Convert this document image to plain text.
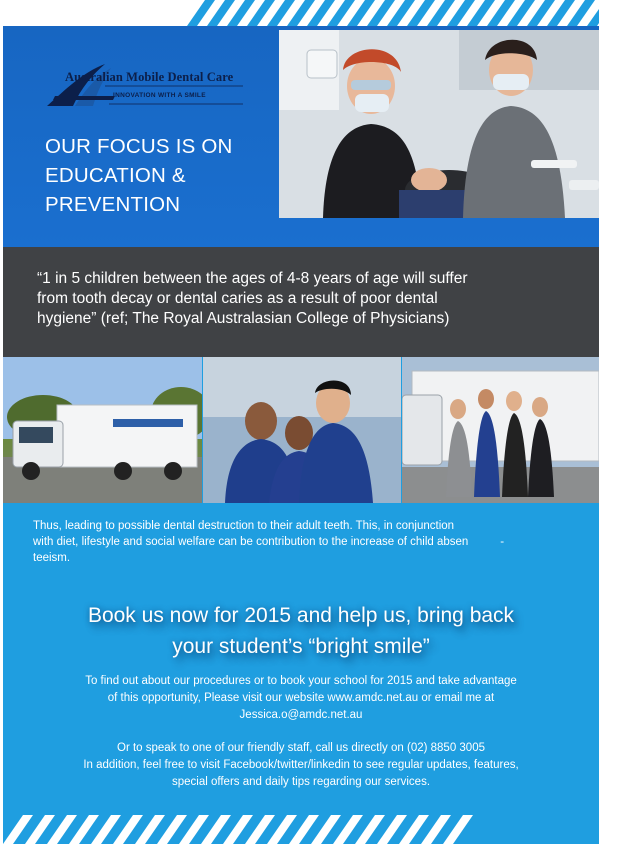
Australian Mobile Dental Care
INNOVATION WITH A SMILE
OUR FOCUS IS ON
EDUCATION &
PREVENTION
“1 in 5 children between the ages of 4-8 years of age will suffer
from tooth decay or dental caries as a result of poor dental
hygiene” (ref; The Royal Australasian College of Physicians)
Thus, leading to possible dental destruction to their adult teeth. This, in conjunction
with diet, lifestyle and social welfare can be contribution to the increase of child absen          -
teeism.
Book us now for 2015 and help us, bring back
your student’s “bright smile”
To find out about our procedures or to book your school for 2015 and take advantage
of this opportunity, Please visit our website www.amdc.net.au or email me at
Jessica.o@amdc.net.au
Or to speak to one of our friendly staff, call us directly on (02) 8850 3005
In addition, feel free to visit Facebook/twitter/linkedin to see regular updates, features,
special offers and daily tips regarding our services.
